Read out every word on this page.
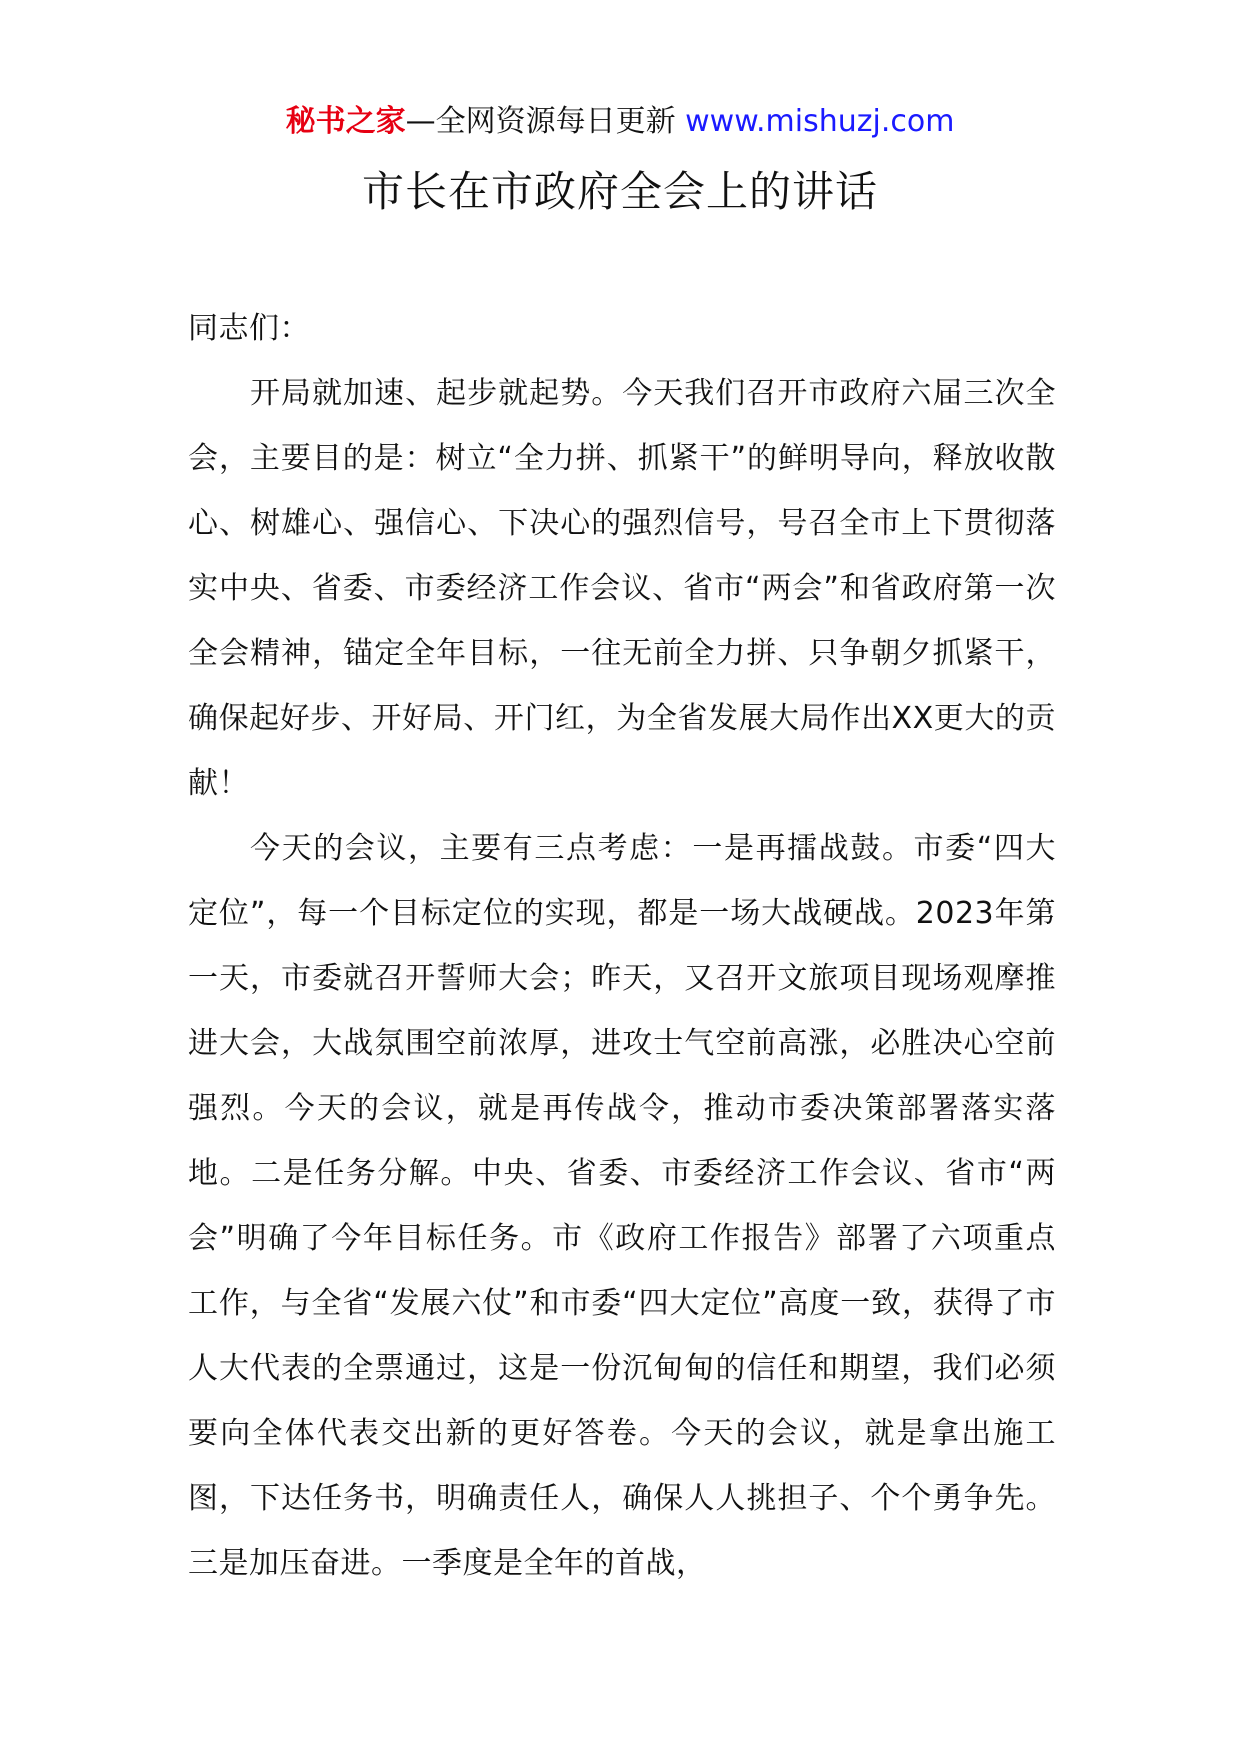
秘书之家—全网资源每日更新 www.mishuzj.com
市长在市政府全会上的讲话

同志们：

开局就加速、起步就起势。今天我们召开市政府六届三次全会，主要目的是：树立“全力拼、抓紧干”的鲜明导向，释放收散心、树雄心、强信心、下决心的强烈信号，号召全市上下贯彻落实中央、省委、市委经济工作会议、省市“两会”和省政府第一次全会精神，锚定全年目标，一往无前全力拼、只争朝夕抓紧干，确保起好步、开好局、开门红，为全省发展大局作出XX更大的贡献！

今天的会议，主要有三点考虑：一是再擂战鼓。市委“四大定位”，每一个目标定位的实现，都是一场大战硬战。2023年第一天，市委就召开誓师大会；昨天，又召开文旅项目现场观摩推进大会，大战氛围空前浓厚，进攻士气空前高涨，必胜决心空前强烈。今天的会议，就是再传战令，推动市委决策部署落实落地。二是任务分解。中央、省委、市委经济工作会议、省市“两会”明确了今年目标任务。市《政府工作报告》部署了六项重点工作，与全省“发展六仗”和市委“四大定位”高度一致，获得了市人大代表的全票通过，这是一份沉甸甸的信任和期望，我们必须要向全体代表交出新的更好答卷。今天的会议，就是拿出施工图，下达任务书，明确责任人，确保人人挑担子、个个勇争先。三是加压奋进。一季度是全年的首战，
